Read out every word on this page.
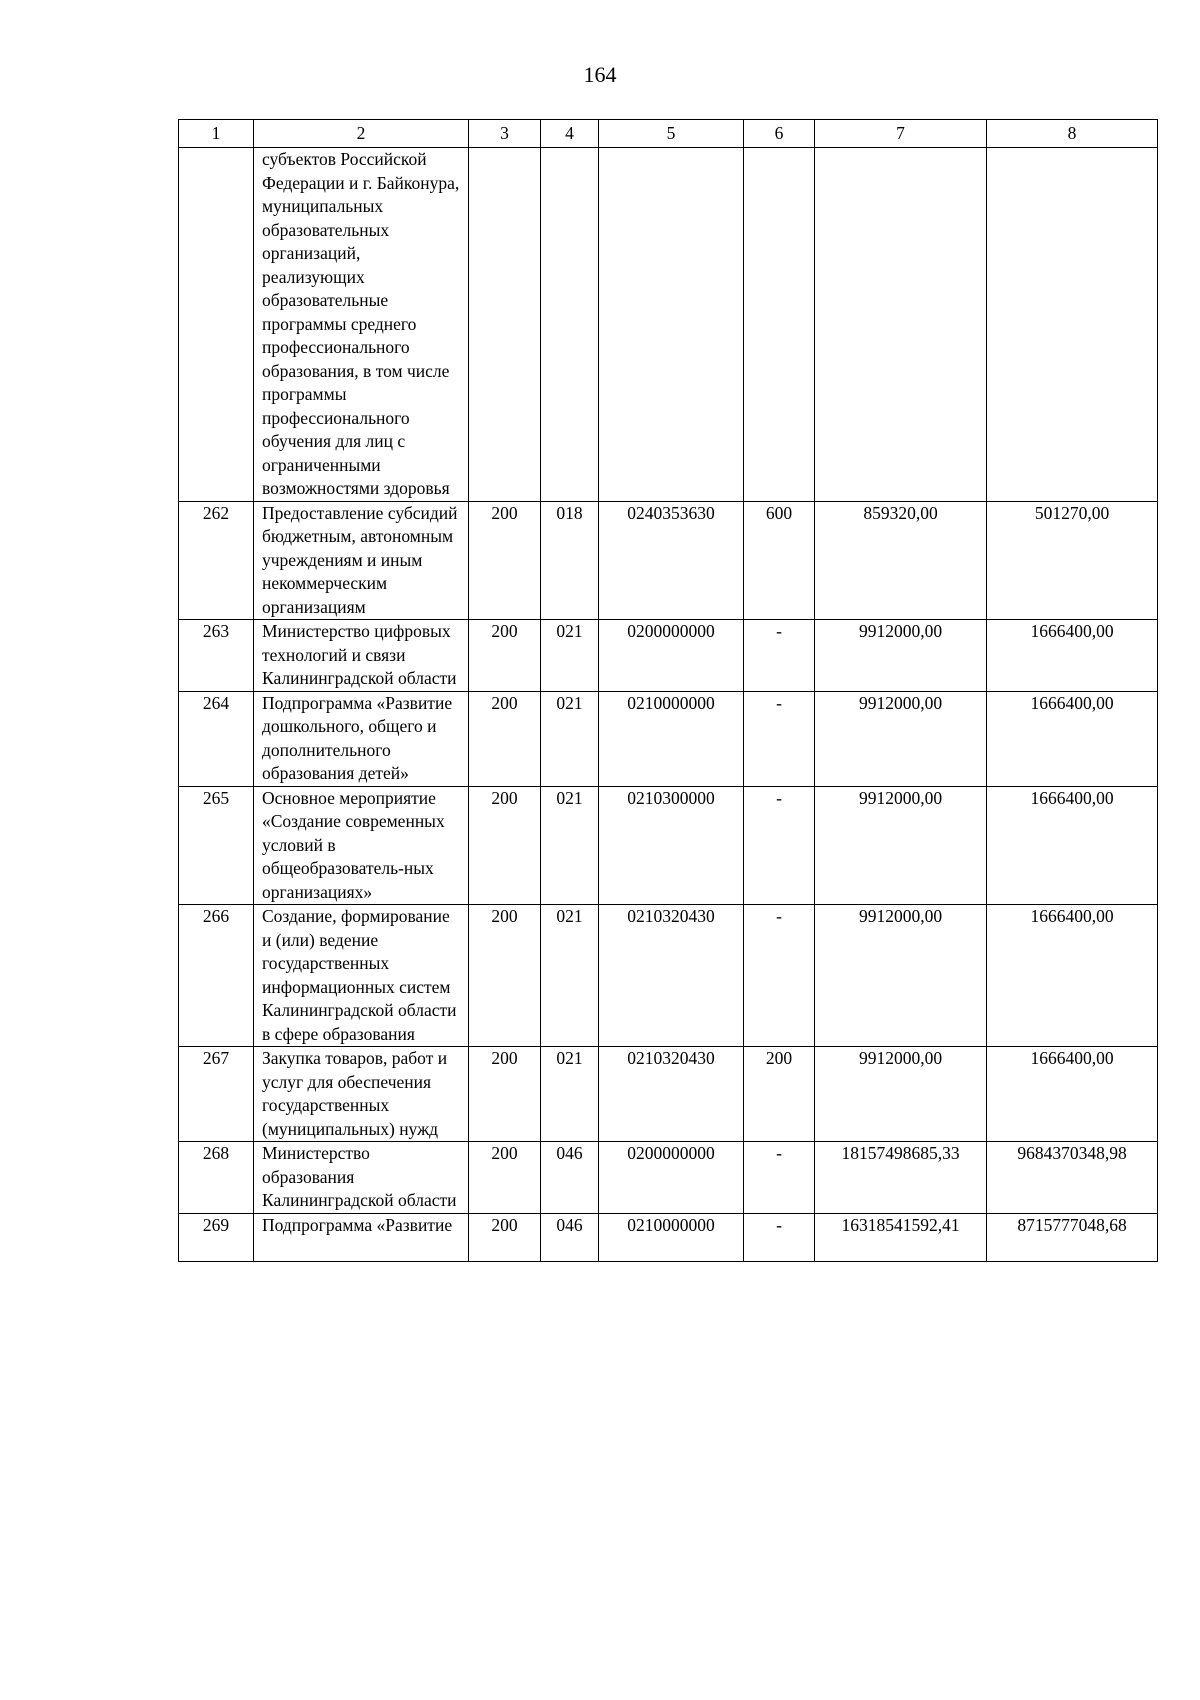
164
1	2	3	4	5	6	7	8
	субъектов Российской Федерации и г. Байконура, муниципальных образовательных организаций, реализующих образовательные программы среднего профессионального образования, в том числе программы профессионального обучения для лиц с ограниченными возможностями здоровья						
262	Предоставление субсидий бюджетным, автономным учреждениям и иным некоммерческим организациям	200	018	0240353630	600	859320,00	501270,00
263	Министерство цифровых технологий и связи Калининградской области	200	021	0200000000	-	9912000,00	1666400,00
264	Подпрограмма «Развитие дошкольного, общего и дополнительного образования детей»	200	021	0210000000	-	9912000,00	1666400,00
265	Основное мероприятие «Создание современных условий в общеобразователь-ных организациях»	200	021	0210300000	-	9912000,00	1666400,00
266	Создание, формирование и (или) ведение государственных информационных систем Калининградской области в сфере образования	200	021	0210320430	-	9912000,00	1666400,00
267	Закупка товаров, работ и услуг для обеспечения государственных (муниципальных) нужд	200	021	0210320430	200	9912000,00	1666400,00
268	Министерство образования Калининградской области	200	046	0200000000	-	18157498685,33	9684370348,98
269	Подпрограмма «Развитие	200	046	0210000000	-	16318541592,41	8715777048,68
